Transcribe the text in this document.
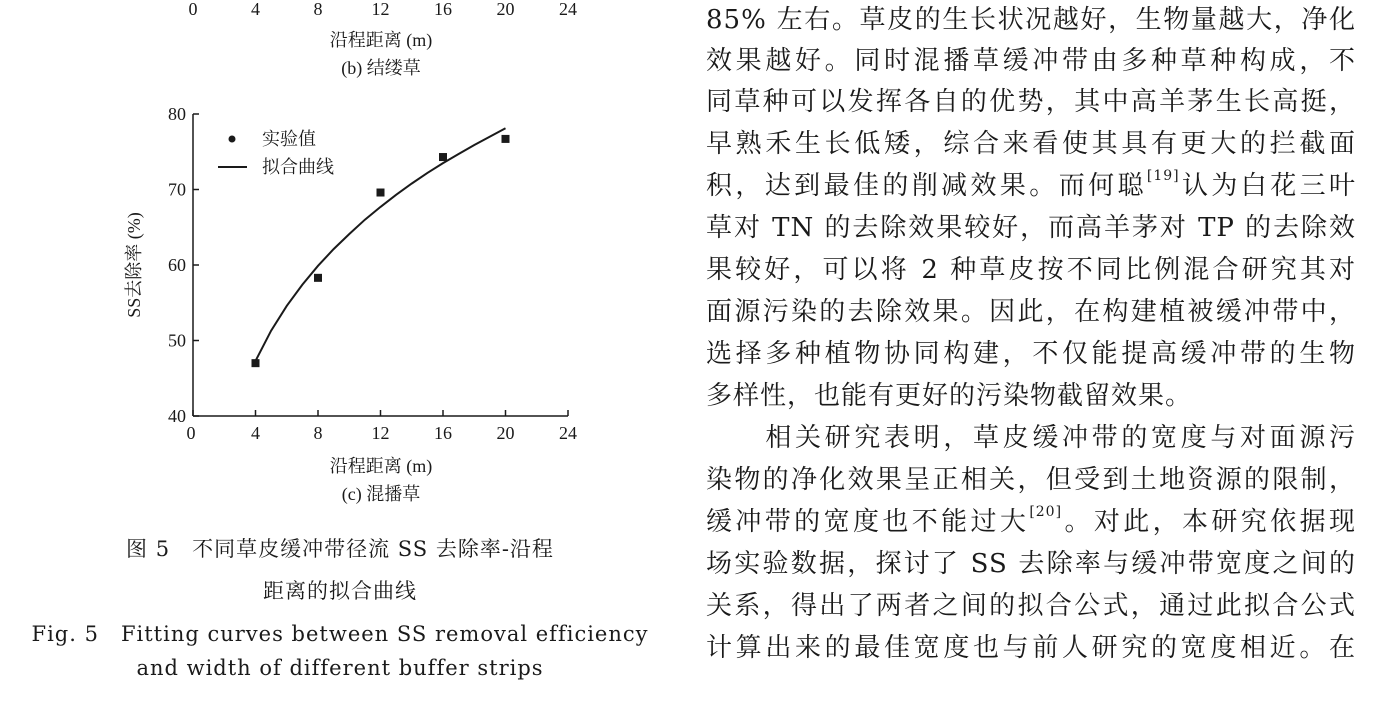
0	4	8	12 16 20 24
沿程距离 (m)
(b) 结缕草
0	4	8	12 16 20 24
40
50
60
70
80
实验值
拟合曲线
SS去除率 (%)
沿程距离 (m)
(c) 混播草
图 5　不同草皮缓冲带径流 SS 去除率-沿程
距离的拟合曲线
Fig. 5　Fitting curves between SS removal efficiency
and width of different buffer strips
85% 左右。草皮的生长状况越好，生物量越大，净化
效果越好。同时混播草缓冲带由多种草种构成，不
同草种可以发挥各自的优势，其中高羊茅生长高挺，
早熟禾生长低矮，综合来看使其具有更大的拦截面
积，达到最佳的削减效果。而何聪[19]认为白花三叶
草对 TN 的去除效果较好，而高羊茅对 TP 的去除效
果较好，可以将 2 种草皮按不同比例混合研究其对
面源污染的去除效果。因此，在构建植被缓冲带中，
选择多种植物协同构建，不仅能提高缓冲带的生物
多样性，也能有更好的污染物截留效果。
　　相关研究表明，草皮缓冲带的宽度与对面源污
染物的净化效果呈正相关，但受到土地资源的限制，
缓冲带的宽度也不能过大[20]。对此，本研究依据现
场实验数据，探讨了 SS 去除率与缓冲带宽度之间的
关系，得出了两者之间的拟合公式，通过此拟合公式
计算出来的最佳宽度也与前人研究的宽度相近。在
